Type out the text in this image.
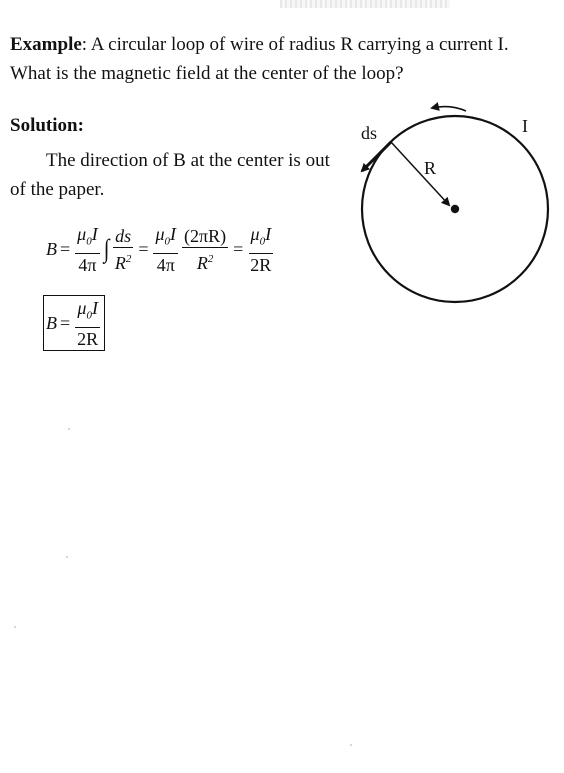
Example: A circular loop of wire of radius R carrying a current I.
What is the magnetic field at the center of the loop?
Solution:
The direction of B at the center is out of the paper.
$B = \frac{\mu_0I}{4\pi}$ ∫ $\frac{ds}{R^2} = \frac{\mu_0I}{4\pi} \frac{(2\pi R)}{R^2} = \frac{\mu_0I}{2R}$
$B = \frac{\mu_0I}{2R}$
ds
R
I
